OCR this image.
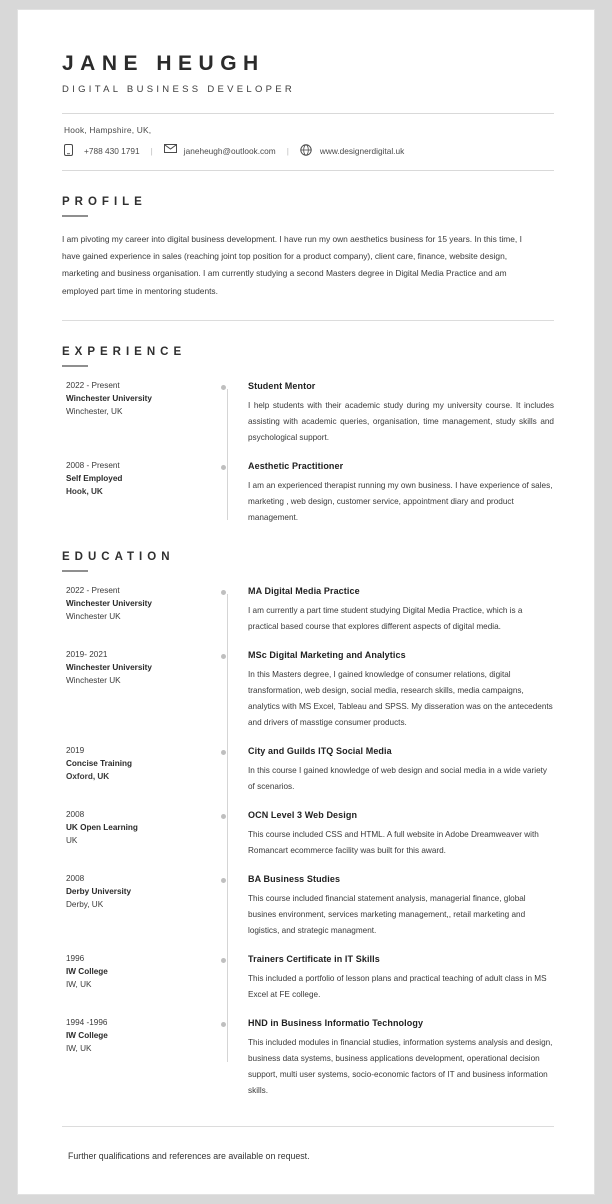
JANE HEUGH
DIGITAL BUSINESS DEVELOPER
Hook, Hampshire, UK,
+788 430 1791 |	janeheugh@outlook.com |	www.designerdigital.uk
PROFILE

I am pivoting my career into digital business development. I have run my own aesthetics business for 15 years. In this time, I have gained experience in sales (reaching joint top position for a product company), client care, finance, website design, marketing and business organisation. I am currently studying a second Masters degree in Digital Media Practice and am employed part time in mentoring students.

EXPERIENCE
2022 - Present
Winchester University
Winchester, UK
Student Mentor

I help students with their academic study during my university course. It includes assisting with academic queries, organisation, time management, study skills and psychological support.

2008 - Present
Self Employed
Hook, UK
Aesthetic Practitioner

I am an experienced therapist running my own business. I have experience of sales, marketing , web design, customer service, appointment diary and product management.

EDUCATION
2022 - Present
Winchester University
Winchester UK
MA Digital Media Practice

I am currently a part time student studying Digital Media Practice, which is a practical based course that explores different aspects of digital media.

2019- 2021
Winchester University
Winchester UK
MSc Digital Marketing and Analytics

In this Masters degree, I gained knowledge of consumer relations, digital transformation, web design, social media, research skills, media campaigns, analytics with MS Excel, Tableau and SPSS. My disseration was on the antecedents and drivers of masstige consumer products.

2019
Concise Training
Oxford, UK
City and Guilds ITQ Social Media

In this course I gained knowledge of web design and social media in a wide variety of scenarios.

2008
UK Open Learning
UK
OCN Level 3 Web Design

This course included CSS and HTML. A full website in Adobe Dreamweaver with Romancart ecommerce facility was built for this award.

2008
Derby University
Derby, UK
BA Business Studies

This course included financial statement analysis, managerial finance, global busines environment, services marketing management,, retail marketing and logistics, and strategic managment.

1996
IW College
IW, UK
Trainers Certificate in IT Skills

This included a portfolio of lesson plans and practical teaching of adult class in MS Excel at FE college.

1994 -1996
IW College
IW, UK
HND in Business Informatio Technology

This included modules in financial studies, information systems analysis and design, business data systems, business applications development, operational decision support, multi user systems, socio-economic factors of IT and business information skills.

Further qualifications and references are available on request.
